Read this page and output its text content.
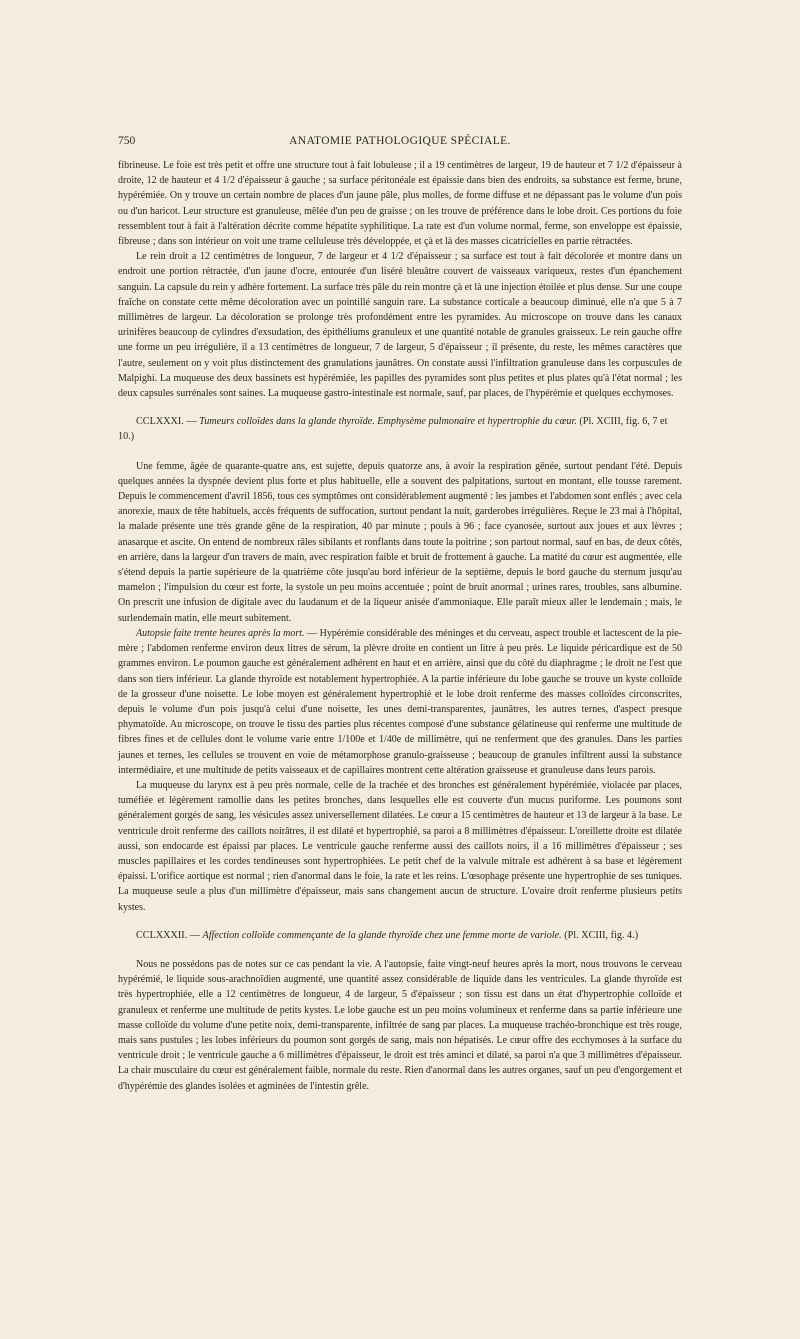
750	ANATOMIE PATHOLOGIQUE SPÉCIALE.

fibrineuse. Le foie est très petit et offre une structure tout à fait lobuleuse ; il a 19 centimètres de largeur, 19 de hauteur et 7 1/2 d'épaisseur à droite, 12 de hauteur et 4 1/2 d'épaisseur à gauche ; sa surface péritonéale est épaissie dans bien des endroits, sa substance est ferme, brune, hypérémiée. On y trouve un certain nombre de places d'un jaune pâle, plus molles, de forme diffuse et ne dépassant pas le volume d'un pois ou d'un haricot. Leur structure est granuleuse, mêlée d'un peu de graisse ; on les trouve de préférence dans le lobe droit. Ces portions du foie ressemblent tout à fait à l'altération décrite comme hépatite syphilitique. La rate est d'un volume normal, ferme, son enveloppe est épaissie, fibreuse ; dans son intérieur on voit une trame celluleuse très développée, et çà et là des masses cicatricielles en partie rétractées.

Le rein droit a 12 centimètres de longueur, 7 de largeur et 4 1/2 d'épaisseur ; sa surface est tout à fait décolorée et montre dans un endroit une portion rétractée, d'un jaune d'ocre, entourée d'un liséré bleuâtre couvert de vaisseaux variqueux, restes d'un épanchement sanguin. La capsule du rein y adhère fortement. La surface très pâle du rein montre çà et là une injection étoilée et plus dense. Sur une coupe fraîche on constate cette même décoloration avec un pointillé sanguin rare. La substance corticale a beaucoup diminué, elle n'a que 5 à 7 millimètres de largeur. La décoloration se prolonge très profondément entre les pyramides. Au microscope on trouve dans les canaux urinifères beaucoup de cylindres d'exsudation, des épithéliums granuleux et une quantité notable de granules graisseux. Le rein gauche offre une forme un peu irrégulière, il a 13 centimètres de longueur, 7 de largeur, 5 d'épaisseur ; il présente, du reste, les mêmes caractères que l'autre, seulement on y voit plus distinctement des granulations jaunâtres. On constate aussi l'infiltration granuleuse dans les corpuscules de Malpighi. La muqueuse des deux bassinets est hypérémiée, les papilles des pyramides sont plus petites et plus plates qu'à l'état normal ; les deux capsules surrénales sont saines. La muqueuse gastro-intestinale est normale, sauf, par places, de l'hypérémie et quelques ecchymoses.

CCLXXXI. — Tumeurs colloïdes dans la glande thyroïde. Emphysème pulmonaire et hypertrophie du cœur. (Pl. XCIII, fig. 6, 7 et 10.)

Une femme, âgée de quarante-quatre ans, est sujette, depuis quatorze ans, à avoir la respiration gênée, surtout pendant l'été. Depuis quelques années la dyspnée devient plus forte et plus habituelle, elle a souvent des palpitations, surtout en montant, elle tousse rarement. Depuis le commencement d'avril 1856, tous ces symptômes ont considérablement augmenté : les jambes et l'abdomen sont enflés ; avec cela anorexie, maux de tête habituels, accès fréquents de suffocation, surtout pendant la nuit, garderobes irrégulières. Reçue le 23 mai à l'hôpital, la malade présente une très grande gêne de la respiration, 40 par minute ; pouls à 96 ; face cyanosée, surtout aux joues et aux lèvres ; anasarque et ascite. On entend de nombreux râles sibilants et ronflants dans toute la poitrine ; son partout normal, sauf en bas, de deux côtés, en arrière, dans la largeur d'un travers de main, avec respiration faible et bruit de frottement à gauche. La matité du cœur est augmentée, elle s'étend depuis la partie supérieure de la quatrième côte jusqu'au bord inférieur de la septième, depuis le bord gauche du sternum jusqu'au mamelon ; l'impulsion du cœur est forte, la systole un peu moins accentuée ; point de bruit anormal ; urines rares, troubles, sans albumine. On prescrit une infusion de digitale avec du laudanum et de la liqueur anisée d'ammoniaque. Elle paraît mieux aller le lendemain ; mais, le surlendemain matin, elle meurt subitement.

Autopsie faite trente heures après la mort. — Hypérémie considérable des méninges et du cerveau, aspect trouble et lactescent de la pie-mère ; l'abdomen renferme environ deux litres de sérum, la plèvre droite en contient un litre à peu près. Le liquide péricardique est de 50 grammes environ. Le poumon gauche est généralement adhérent en haut et en arrière, ainsi que du côté du diaphragme ; le droit ne l'est que dans son tiers inférieur. La glande thyroïde est notablement hypertrophiée. A la partie inférieure du lobe gauche se trouve un kyste colloïde de la grosseur d'une noisette. Le lobe moyen est généralement hypertrophié et le lobe droit renferme des masses colloïdes circonscrites, depuis le volume d'un pois jusqu'à celui d'une noisette, les unes demi-transparentes, jaunâtres, les autres ternes, d'aspect presque phymatoïde. Au microscope, on trouve le tissu des parties plus récentes composé d'une substance gélatineuse qui renferme une multitude de fibres fines et de cellules dont le volume varie entre 1/100e et 1/40e de millimètre, qui ne renferment que des granules. Dans les parties jaunes et ternes, les cellules se trouvent en voie de métamorphose granulo-graisseuse ; beaucoup de granules infiltrent aussi la substance intermédiaire, et une multitude de petits vaisseaux et de capillaires montrent cette altération graisseuse et granuleuse dans leurs parois.

La muqueuse du larynx est à peu près normale, celle de la trachée et des bronches est généralement hypérémiée, violacée par places, tuméfiée et légèrement ramollie dans les petites bronches, dans lesquelles elle est couverte d'un mucus puriforme. Les poumons sont généralement gorgés de sang, les vésicules assez universellement dilatées. Le cœur a 15 centimètres de hauteur et 13 de largeur à la base. Le ventricule droit renferme des caillots noirâtres, il est dilaté et hypertrophié, sa paroi a 8 millimètres d'épaisseur. L'oreillette droite est dilatée aussi, son endocarde est épaissi par places. Le ventricule gauche renferme aussi des caillots noirs, il a 16 millimètres d'épaisseur ; ses muscles papillaires et les cordes tendineuses sont hypertrophiées. Le petit chef de la valvule mitrale est adhérent à sa base et légèrement épaissi. L'orifice aortique est normal ; rien d'anormal dans le foie, la rate et les reins. L'œsophage présente une hypertrophie de ses tuniques. La muqueuse seule a plus d'un millimètre d'épaisseur, mais sans changement aucun de structure. L'ovaire droit renferme plusieurs petits kystes.

CCLXXXII. — Affection colloïde commençante de la glande thyroïde chez une femme morte de variole. (Pl. XCIII, fig. 4.)

Nous ne possédons pas de notes sur ce cas pendant la vie. A l'autopsie, faite vingt-neuf heures après la mort, nous trouvons le cerveau hypérémié, le liquide sous-arachnoïdien augmenté, une quantité assez considérable de liquide dans les ventricules. La glande thyroïde est très hypertrophiée, elle a 12 centimètres de longueur, 4 de largeur, 5 d'épaisseur ; son tissu est dans un état d'hypertrophie colloïde et granuleux et renferme une multitude de petits kystes. Le lobe gauche est un peu moins volumineux et renferme dans sa partie inférieure une masse colloïde du volume d'une petite noix, demi-transparente, infiltrée de sang par places. La muqueuse trachéo-bronchique est très rouge, mais sans pustules ; les lobes inférieurs du poumon sont gorgés de sang, mais non hépatisés. Le cœur offre des ecchymoses à la surface du ventricule droit ; le ventricule gauche a 6 millimètres d'épaisseur, le droit est très aminci et dilaté, sa paroi n'a que 3 millimètres d'épaisseur. La chair musculaire du cœur est généralement faible, normale du reste. Rien d'anormal dans les autres organes, sauf un peu d'engorgement et d'hypérémie des glandes isolées et agminées de l'intestin grêle.
